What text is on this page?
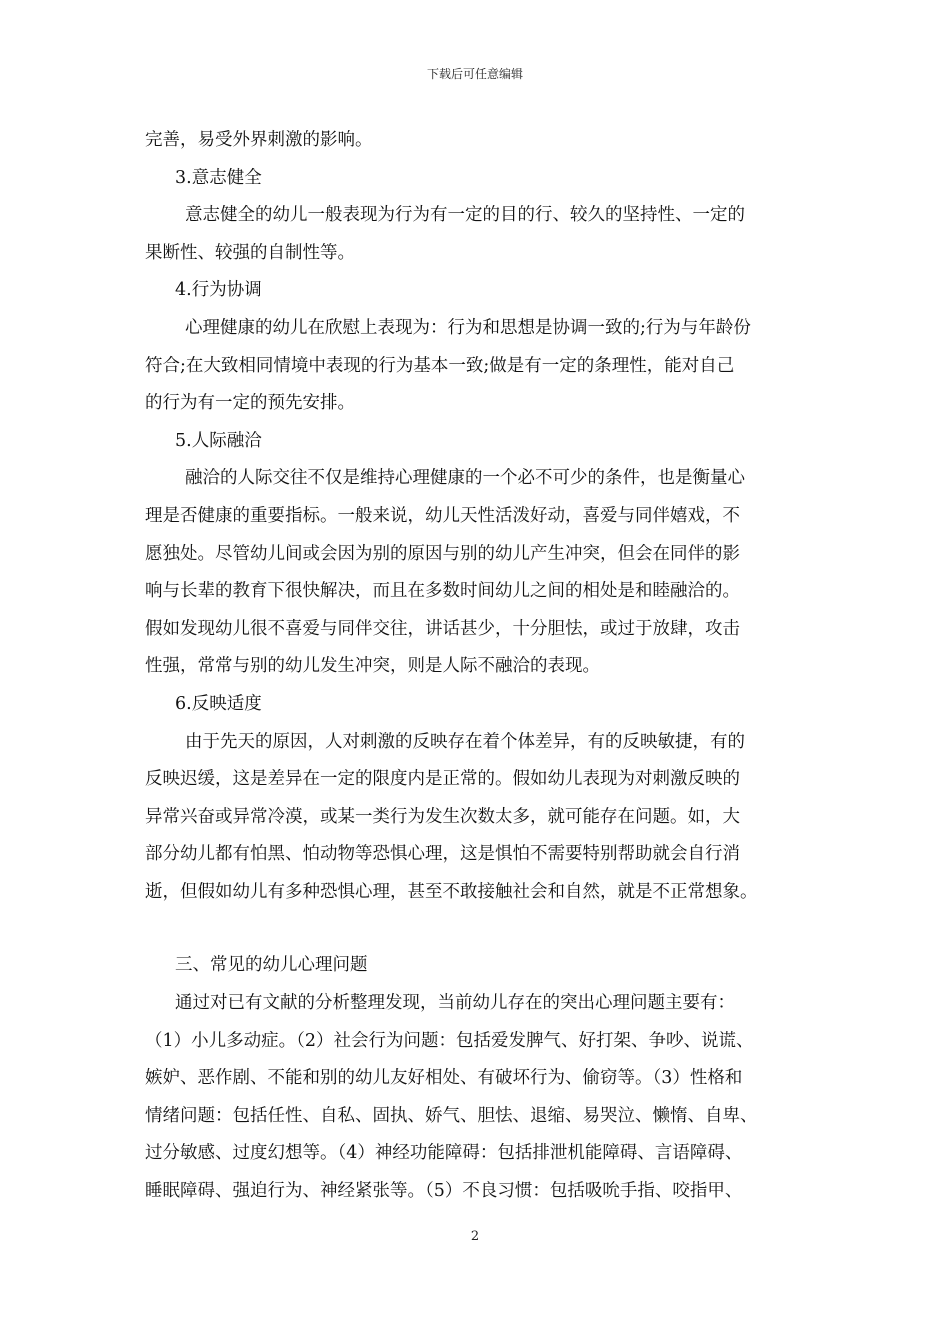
下载后可任意编辑
完善，易受外界刺激的影响。
3.意志健全
意志健全的幼儿一般表现为行为有一定的目的行、较久的坚持性、一定的
果断性、较强的自制性等。
4.行为协调
心理健康的幼儿在欣慰上表现为：行为和思想是协调一致的;行为与年龄份
符合;在大致相同情境中表现的行为基本一致;做是有一定的条理性，能对自己
的行为有一定的预先安排。
5.人际融洽
融洽的人际交往不仅是维持心理健康的一个必不可少的条件，也是衡量心
理是否健康的重要指标。一般来说，幼儿天性活泼好动，喜爱与同伴嬉戏，不
愿独处。尽管幼儿间或会因为别的原因与别的幼儿产生冲突，但会在同伴的影
响与长辈的教育下很快解决，而且在多数时间幼儿之间的相处是和睦融洽的。
假如发现幼儿很不喜爱与同伴交往，讲话甚少，十分胆怯，或过于放肆，攻击
性强，常常与别的幼儿发生冲突，则是人际不融洽的表现。
6.反映适度
由于先天的原因，人对刺激的反映存在着个体差异，有的反映敏捷，有的
反映迟缓，这是差异在一定的限度内是正常的。假如幼儿表现为对刺激反映的
异常兴奋或异常冷漠，或某一类行为发生次数太多，就可能存在问题。如，大
部分幼儿都有怕黑、怕动物等恐惧心理，这是惧怕不需要特别帮助就会自行消
逝，但假如幼儿有多种恐惧心理，甚至不敢接触社会和自然，就是不正常想象。
三、常见的幼儿心理问题
通过对已有文献的分析整理发现，当前幼儿存在的突出心理问题主要有：
（1）小儿多动症。（2）社会行为问题：包括爱发脾气、好打架、争吵、说谎、
嫉妒、恶作剧、不能和别的幼儿友好相处、有破坏行为、偷窃等。（3）性格和
情绪问题：包括任性、自私、固执、娇气、胆怯、退缩、易哭泣、懒惰、自卑、
过分敏感、过度幻想等。（4）神经功能障碍：包括排泄机能障碍、言语障碍、
睡眠障碍、强迫行为、神经紧张等。（5）不良习惯：包括吸吮手指、咬指甲、
2
